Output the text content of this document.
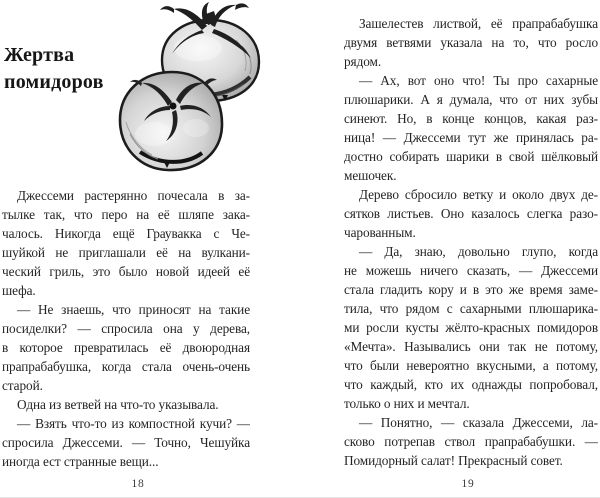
Жертва
помидоров
Джессеми растерянно почесала в за-
тылке так, что перо на её шляпе зака-
чалось. Никогда ещё Граувакка с Че-
шуйкой не приглашали её на вулкани-
ческий гриль, это было новой идеей её
шефа.
— Не знаешь, что приносят на такие
посиделки? — спросила она у дерева,
в которое превратилась её двоюродная
прапрабабушка, когда стала очень-очень
старой.
Одна из ветвей на что-то указывала.
— Взять что-то из компостной кучи? —
спросила Джессеми. — Точно, Чешуйка
иногда ест странные вещи...
18
Зашелестев листвой, её прапрабабушка
двумя ветвями указала на то, что росло
рядом.
— Ах, вот оно что! Ты про сахарные
плюшарики. А я думала, что от них зубы
синеют. Но, в конце концов, какая раз-
ница! — Джессеми тут же принялась ра-
достно собирать шарики в свой шёлковый
мешочек.
Дерево сбросило ветку и около двух де-
сятков листьев. Оно казалось слегка разо-
чарованным.
— Да, знаю, довольно глупо, когда
не можешь ничего сказать, — Джессеми
стала гладить кору и в это же время заме-
тила, что рядом с сахарными плюшарика-
ми росли кусты жёлто-красных помидоров
«Мечта». Назывались они так не потому,
что были невероятно вкусными, а потому,
что каждый, кто их однажды попробовал,
только о них и мечтал.
— Понятно, — сказала Джессеми, ла-
сково потрепав ствол прапрабабушки. —
Помидорный салат! Прекрасный совет.
19
